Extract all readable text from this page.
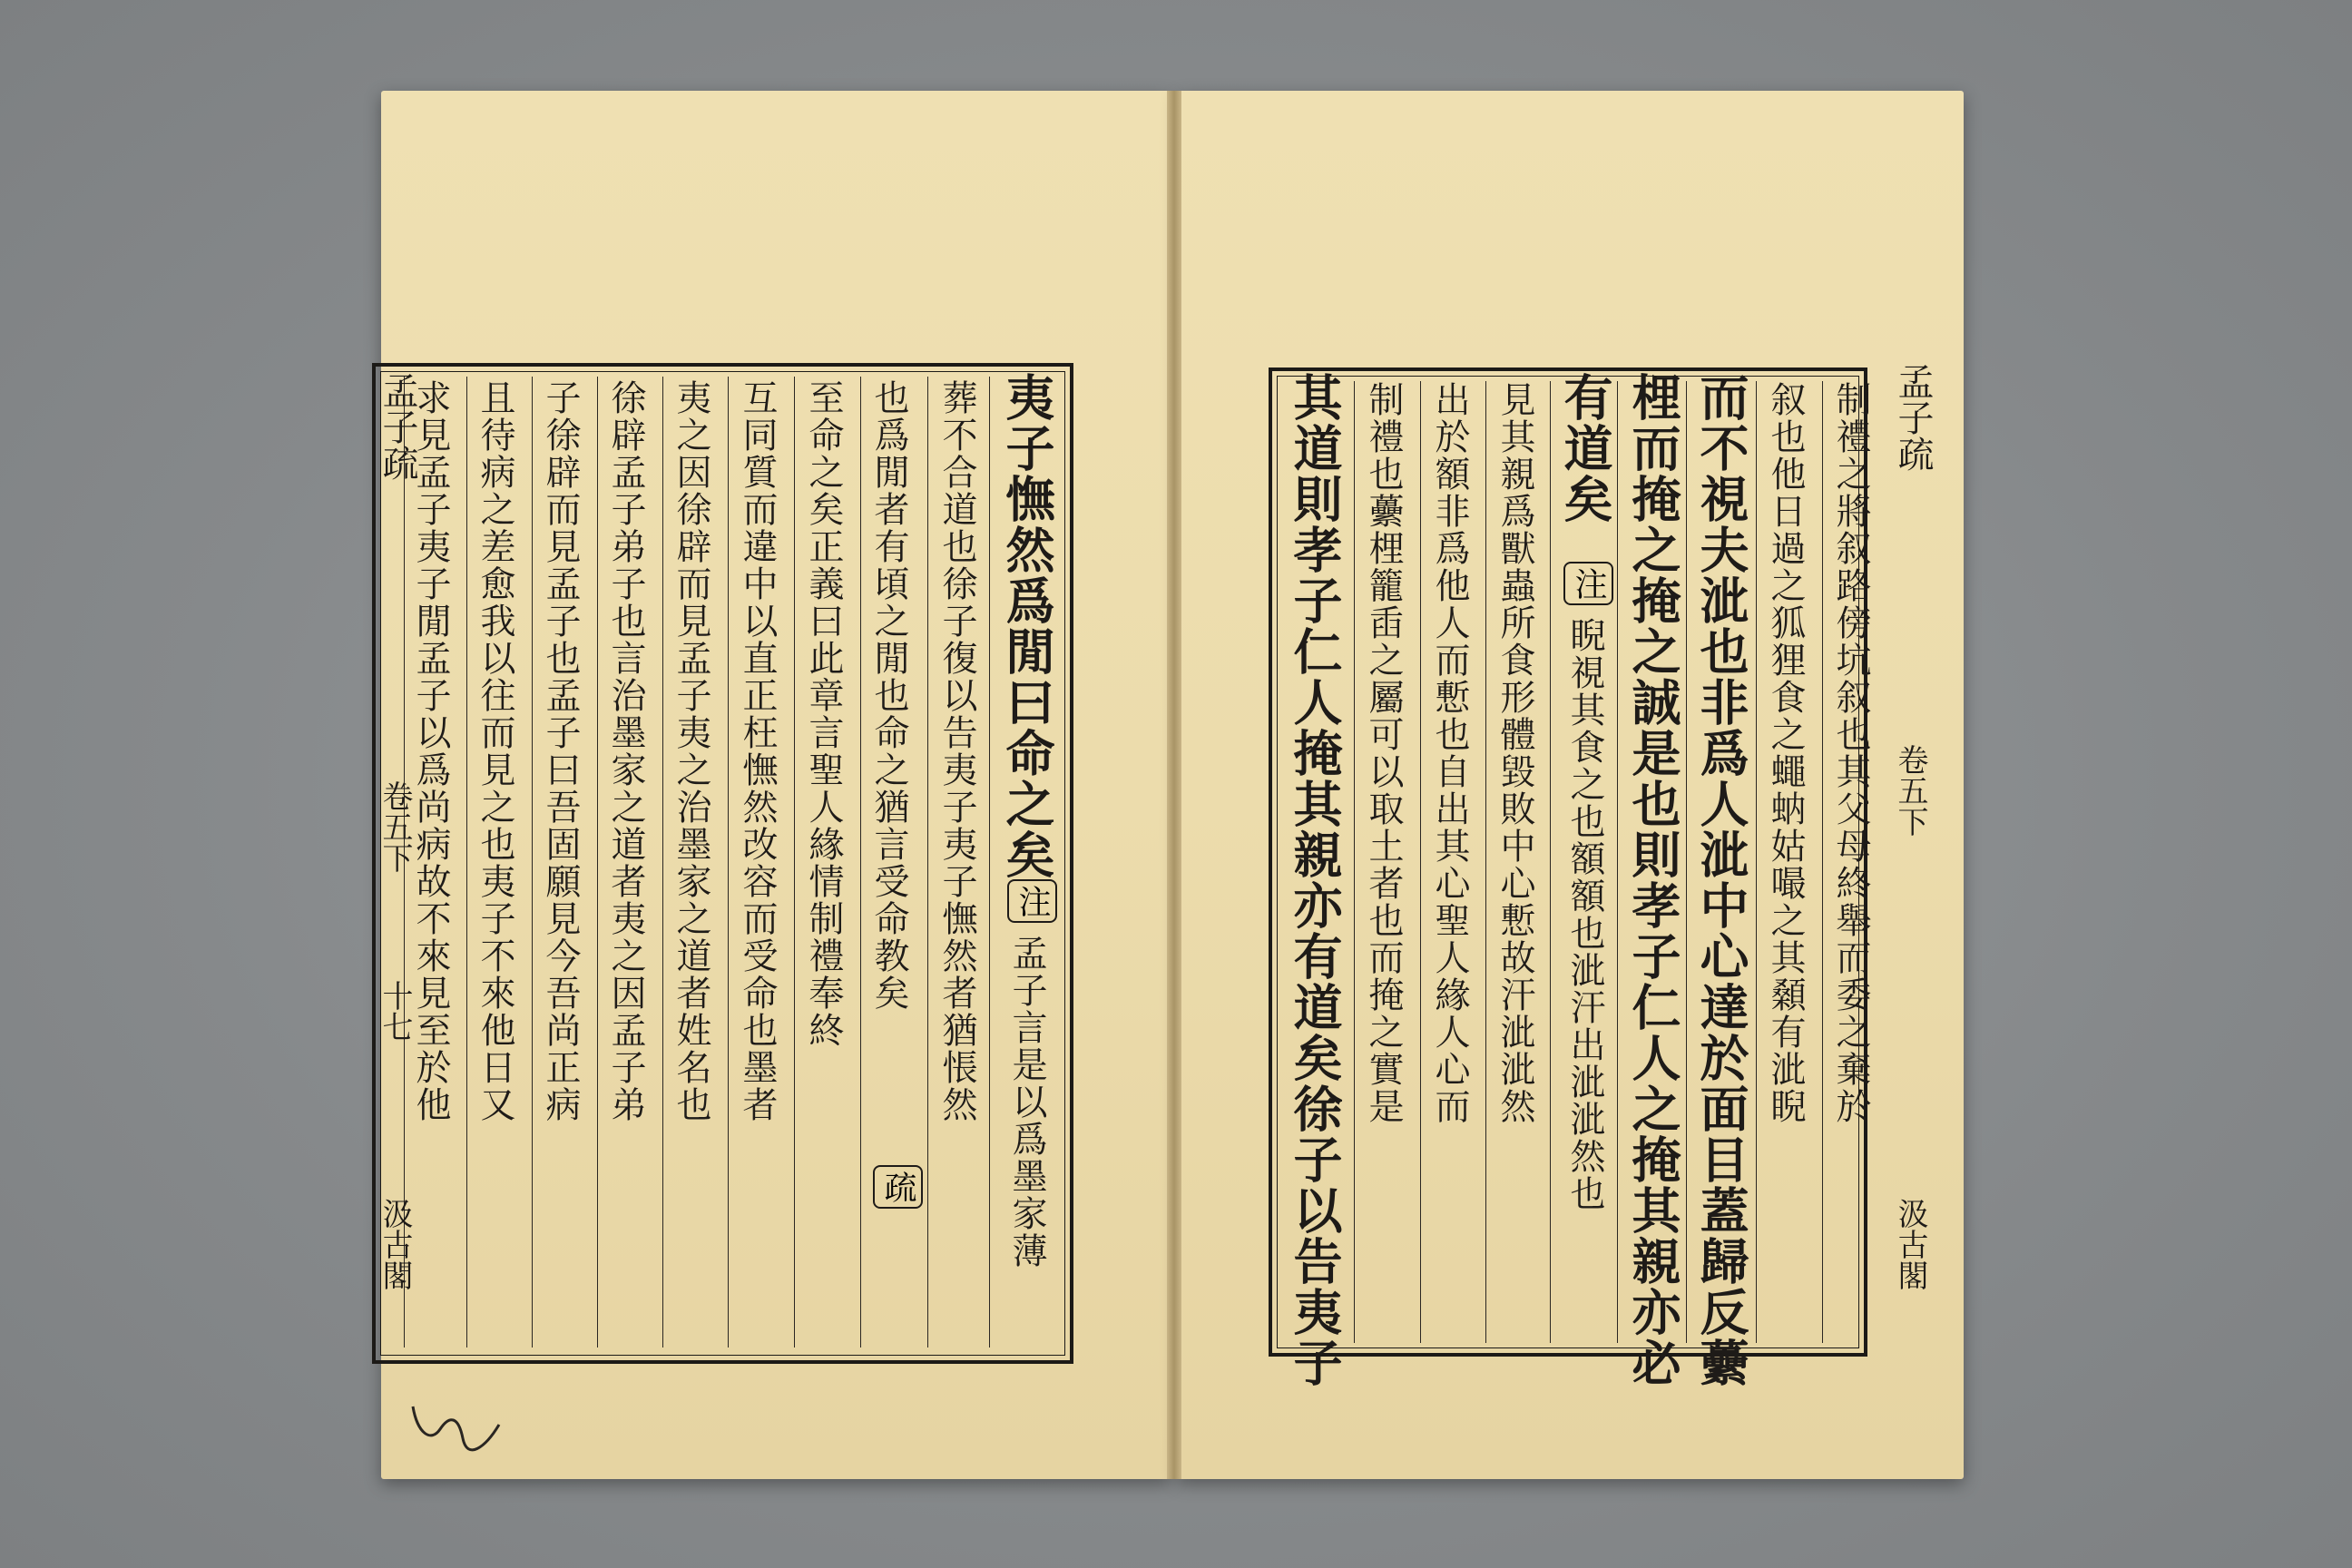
夷子憮然爲閒曰命之矣
注
孟子言是以爲墨家薄
葬不合道也徐子復以告夷子夷子憮然者猶悵然
也爲閒者有頃之閒也命之猶言受命教矣
疏
至命之矣正義曰此章言聖人緣情制禮奉終
互同質而違中以直正枉憮然改容而受命也墨者
夷之因徐辟而見孟子夷之治墨家之道者姓名也
徐辟孟子弟子也言治墨家之道者夷之因孟子弟
子徐辟而見孟子也孟子曰吾固願見今吾尚正病
且待病之差愈我以往而見之也夷子不來他日又
求見孟子夷子閒孟子以爲尚病故不來見至於他
孟子疏
卷五下
十七
汲古閣
制禮之將叙路傍坑叙也其父母終舉而委之棄於
叙也他日過之狐狸食之蠅蚋姑嘬之其顙有泚睨
而不視夫泚也非爲人泚中心達於面目蓋歸反虆
梩而掩之掩之誠是也則孝子仁人之掩其親亦必
有道矣
注
睨視其食之也額額也泚汗出泚泚然也
見其親爲獸蟲所食形體毀敗中心慙故汗泚泚然
出於額非爲他人而慙也自出其心聖人緣人心而
制禮也虆梩籠臿之屬可以取土者也而掩之實是
其道則孝子仁人掩其親亦有道矣徐子以告夷子	孟子疏
卷五下
汲古閣
